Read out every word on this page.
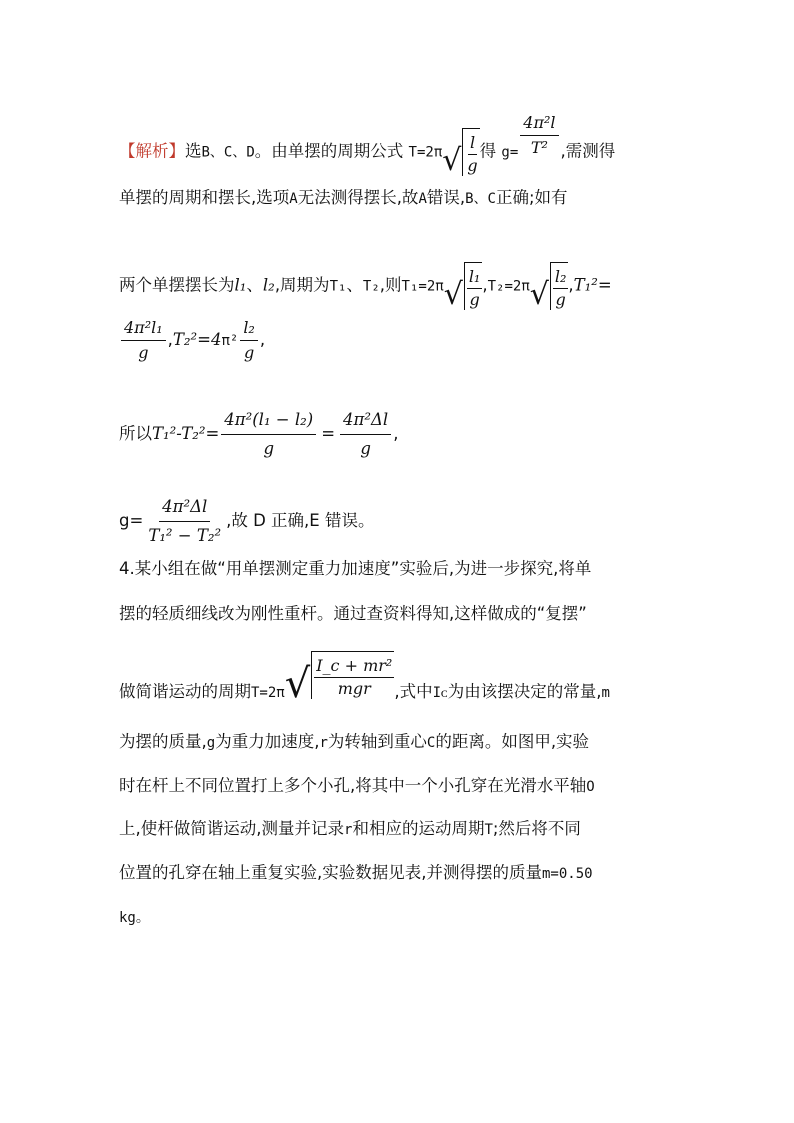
【解析】选B、C、D。由单摆的周期公式 T=2π √ $\frac{l}{g}$ 得 $g= \frac{\text{4π²l}}{\text{T²}}$ ,需测得
单摆的周期和摆长,选项A无法测得摆长,故A错误,B、C正确;如有
两个单摆摆长为l₁、l₂,周期为T₁、T₂,则T₁=2π √ $\frac{\text{l₁}}{g} ,T_2=2\pi$ √ $\frac{\text{l₂}}{g} ,T_1^2=$
$\frac{\text{4π²l₁}}{g} ,T_2^2=4\pi^2 \frac{\text{l₂}}{g}$ ,
所以$T_1^2-T_2^2= \frac{\text{4π²(l₁ − l₂)}}{g} = \frac{\text{4π²Δl}}{g}$ ,
$g= \frac{\text{4π²Δl}}{\text{T₁² − T₂²}}$ ,故 D 正确,E 错误。
4.某小组在做“用单摆测定重力加速度”实验后,为进一步探究,将单
摆的轻质细线改为刚性重杆。通过查资料得知,这样做成的“复摆”
做简谐运动的周期T=2π √ $\frac{\text{I\_c + mr²}}{\text{mgr}}$ ,式中Iᴄ为由该摆决定的常量,m
为摆的质量,g为重力加速度,r为转轴到重心C的距离。如图甲,实验
时在杆上不同位置打上多个小孔,将其中一个小孔穿在光滑水平轴O
上,使杆做简谐运动,测量并记录r和相应的运动周期T;然后将不同
位置的孔穿在轴上重复实验,实验数据见表,并测得摆的质量m=0.50
kg。
